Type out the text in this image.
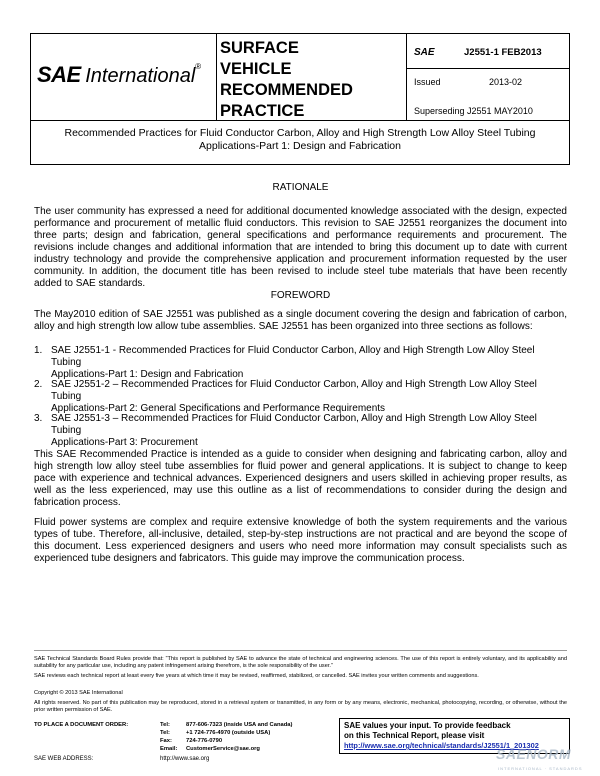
SAE International®
SURFACE
VEHICLE
RECOMMENDED
PRACTICE
SAE	J2551-1 FEB2013
Issued	2013-02
Superseding J2551 MAY2010
Recommended Practices for Fluid Conductor Carbon, Alloy and High Strength Low Alloy Steel Tubing
Applications-Part 1: Design and Fabrication
RATIONALE
The user community has expressed a need for additional documented knowledge associated with the design, expected performance and procurement of metallic fluid conductors. This revision to SAE J2551 reorganizes the document into three parts; design and fabrication, general specifications and performance requirements and procurement. The revisions include changes and additional information that are intended to bring this document up to date with current industry technology and provide the comprehensive application and procurement information requested by the user community. In addition, the document title has been revised to include steel tube materials that have been recently added to SAE standards.
FOREWORD
The May2010 edition of SAE J2551 was published as a single document covering the design and fabrication of carbon, alloy and high strength low allow tube assemblies. SAE J2551 has been organized into three sections as follows:
1. SAE J2551-1 - Recommended Practices for Fluid Conductor Carbon, Alloy and High Strength Low Alloy Steel Tubing
Applications-Part 1: Design and Fabrication
2. SAE J2551-2 – Recommended Practices for Fluid Conductor Carbon, Alloy and High Strength Low Alloy Steel Tubing
Applications-Part 2: General Specifications and Performance Requirements
3. SAE J2551-3 – Recommended Practices for Fluid Conductor Carbon, Alloy and High Strength Low Alloy Steel Tubing
Applications-Part 3: Procurement
This SAE Recommended Practice is intended as a guide to consider when designing and fabricating carbon, alloy and high strength low alloy steel tube assemblies for fluid power and general applications. It is subject to change to keep pace with experience and technical advances. Experienced designers and users skilled in achieving proper results, as well as the less experienced, may use this outline as a list of recommendations to consider during the design and fabrication process.
Fluid power systems are complex and require extensive knowledge of both the system requirements and the various types of tube. Therefore, all-inclusive, detailed, step-by-step instructions are not practical and are beyond the scope of this document. Less experienced designers and users who need more information may consult specialists such as experienced tube designers and fabricators. This guide may improve the communication process.
SAE Technical Standards Board Rules provide that: “This report is published by SAE to advance the state of technical and engineering sciences. The use of this report is entirely voluntary, and its applicability and suitability for any particular use, including any patent infringement arising therefrom, is the sole responsibility of the user.”
SAE reviews each technical report at least every five years at which time it may be revised, reaffirmed, stabilized, or cancelled. SAE invites your written comments and suggestions.
Copyright © 2013 SAE International
All rights reserved. No part of this publication may be reproduced, stored in a retrieval system or transmitted, in any form or by any means, electronic, mechanical, photocopying, recording, or otherwise, without the prior written permission of SAE.
TO PLACE A DOCUMENT ORDER:	Tel:	877-606-7323 (inside USA and Canada)
Tel:	+1 724-776-4970 (outside USA)
Fax: 724-776-0790
Email: CustomerService@sae.org
SAE WEB ADDRESS:	http://www.sae.org
SAE values your input. To provide feedback
on this Technical Report, please visit
http://www.sae.org/technical/standards/J2551/1_201302
SAENORM
INTERNATIONAL · STANDARDS
